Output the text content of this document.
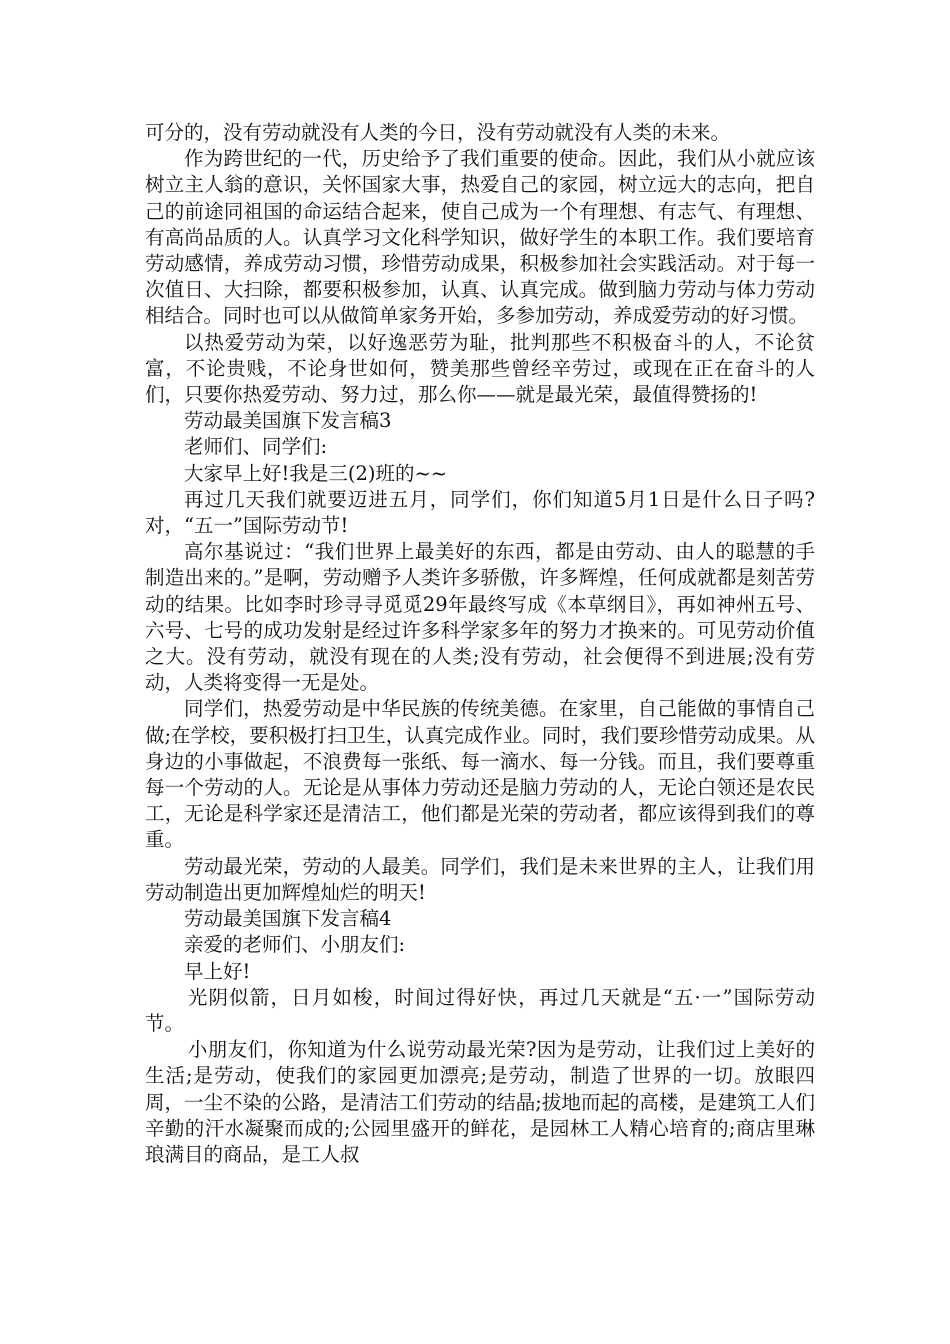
可分的，没有劳动就没有人类的今日，没有劳动就没有人类的未来。

作为跨世纪的一代，历史给予了我们重要的使命。因此，我们从小就应该树立主人翁的意识，关怀国家大事，热爱自己的家园，树立远大的志向，把自己的前途同祖国的命运结合起来，使自己成为一个有理想、有志气、有理想、有高尚品质的人。认真学习文化科学知识，做好学生的本职工作。我们要培育劳动感情，养成劳动习惯，珍惜劳动成果，积极参加社会实践活动。对于每一次值日、大扫除，都要积极参加，认真、认真完成。做到脑力劳动与体力劳动相结合。同时也可以从做简单家务开始，多参加劳动，养成爱劳动的好习惯。

以热爱劳动为荣，以好逸恶劳为耻，批判那些不积极奋斗的人，不论贫富，不论贵贱，不论身世如何，赞美那些曾经辛劳过，或现在正在奋斗的人们，只要你热爱劳动、努力过，那么你——就是最光荣，最值得赞扬的!

劳动最美国旗下发言稿3

老师们、同学们:

大家早上好!我是三(2)班的~~

再过几天我们就要迈进五月，同学们，你们知道5月1日是什么日子吗?对，“五一”国际劳动节!

高尔基说过：“我们世界上最美好的东西，都是由劳动、由人的聪慧的手制造出来的。”是啊，劳动赠予人类许多骄傲，许多辉煌，任何成就都是刻苦劳动的结果。比如李时珍寻寻觅觅29年最终写成《本草纲目》，再如神州五号、六号、七号的成功发射是经过许多科学家多年的努力才换来的。可见劳动价值之大。没有劳动，就没有现在的人类;没有劳动，社会便得不到进展;没有劳动，人类将变得一无是处。

同学们，热爱劳动是中华民族的传统美德。在家里，自己能做的事情自己做;在学校，要积极打扫卫生，认真完成作业。同时，我们要珍惜劳动成果。从身边的小事做起，不浪费每一张纸、每一滴水、每一分钱。而且，我们要尊重每一个劳动的人。无论是从事体力劳动还是脑力劳动的人，无论白领还是农民工，无论是科学家还是清洁工，他们都是光荣的劳动者，都应该得到我们的尊重。

劳动最光荣，劳动的人最美。同学们，我们是未来世界的主人，让我们用劳动制造出更加辉煌灿烂的明天!

劳动最美国旗下发言稿4

亲爱的老师们、小朋友们:

早上好!

光阴似箭，日月如梭，时间过得好快，再过几天就是“五·一”国际劳动节。

小朋友们，你知道为什么说劳动最光荣?因为是劳动，让我们过上美好的生活;是劳动，使我们的家园更加漂亮;是劳动，制造了世界的一切。放眼四周，一尘不染的公路，是清洁工们劳动的结晶;拔地而起的高楼，是建筑工人们辛勤的汗水凝聚而成的;公园里盛开的鲜花，是园林工人精心培育的;商店里琳琅满目的商品，是工人叔
